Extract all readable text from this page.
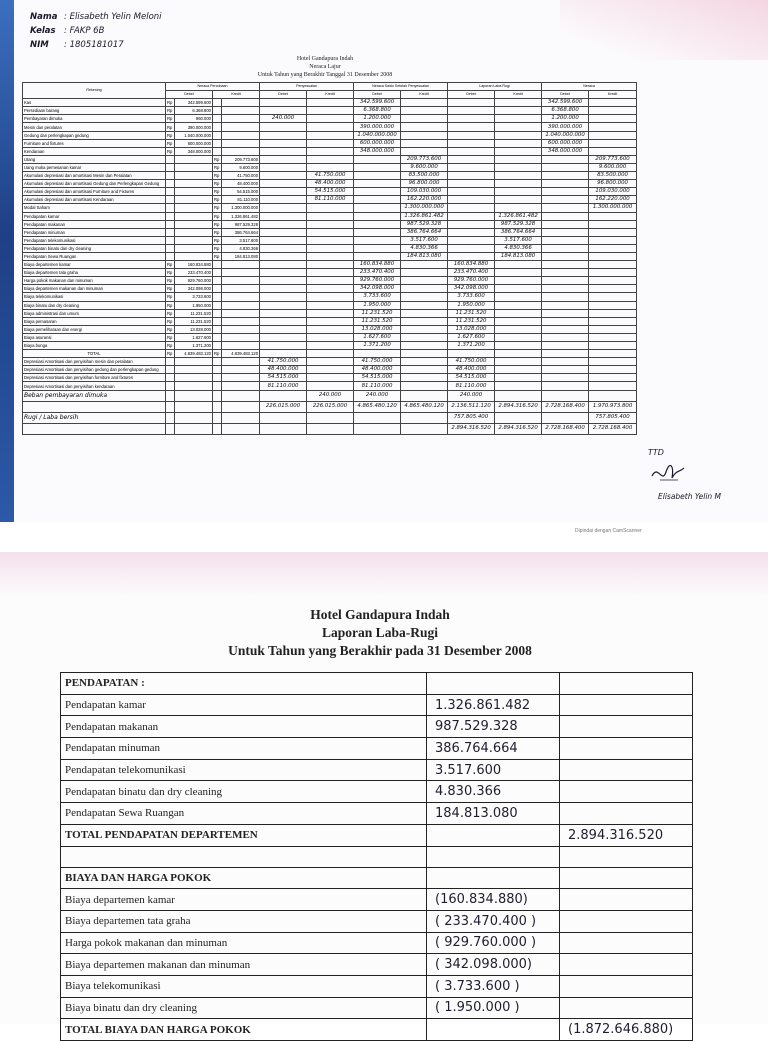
Nama : Elisabeth Yelin Meloni
Kelas : FAKP 6B
NIM : 1805181017
Hotel Gandapura Indah
Neraca Lajur
Untuk Tahun yang Berakhir Tanggal 31 Desember 2008
Rekening	Neraca Percobaan				Penyesuaian		Neraca Saldo Setelah Penyesuaian		Laporan Laba Rugi		Neraca	
	Debet		Kredit		Debet	Kredit	Debet	Kredit	Debet	Kredit	Debet	Kredit
Kas	Rp	342.599.600					342.599.600				342.599.600	
Persediaan barang	Rp	6.368.800					6.368.800				6.368.800	
Pembayaran dimuka	Rp	960.000			240.000		1.200.000				1.200.000	
Mesin dan peralatan	Rp	390.000.000					390.000.000				390.000.000	
Gedung dan perlengkapan gedung	Rp	1.040.000.000					1.040.000.000				1.040.000.000	
Furniture and fixtures	Rp	600.000.000					600.000.000				600.000.000	
Kendaraan	Rp	348.000.000					348.000.000				348.000.000	
Utang			Rp	209.773.600				209.773.600				209.773.600
Uang muka pemesanan kamar			Rp	9.600.000				9.600.000				9.600.000
Akumulasi depresiasi dan amortisasi Mesin dan Peralatan			Rp	41.750.000		41.750.000		83.500.000				83.500.000
Akumulasi depresiasi dan amortisasi Gedung dan Perlengkapan Gedung			Rp	48.400.000		48.400.000		96.800.000				96.800.000
Akumulasi depresiasi dan amortisasi Furniture and Fixtures			Rp	54.515.000		54.515.000		109.030.000				109.030.000
Akumulasi depresiasi dan amortisasi Kendaraan			Rp	81.110.000		81.110.000		162.220.000				162.220.000
Modal Saham			Rp	1.300.000.000				1.300.000.000				1.300.000.000
Pendapatan kamar			Rp	1.326.861.482				1.326.861.482		1.326.861.482		
Pendapatan makanan			Rp	987.529.328				987.529.328		987.529.328		
Pendapatan minuman			Rp	386.764.664				386.764.664		386.764.664		
Pendapatan telekomunikasi			Rp	3.517.600				3.517.600		3.517.600		
Pendapatan binatu dan dry cleaning			Rp	4.830.366				4.830.366		4.830.366		
Pendapatan Sewa Ruangan			Rp	184.813.080				184.813.080		184.813.080		
Biaya departemen kamar	Rp	160.834.880					160.834.880		160.834.880			
Biaya departemen tata graha	Rp	233.470.400					233.470.400		233.470.400			
Harga pokok makanan dan minuman	Rp	929.760.000					929.760.000		929.760.000			
Biaya departemen makanan dan minuman	Rp	342.098.000					342.098.000		342.098.000			
Biaya telekomunikasi	Rp	3.733.600					3.733.600		3.733.600			
Biaya binatu dan dry cleaning	Rp	1.950.000					1.950.000		1.950.000			
Biaya administrasi dan umum	Rp	11.231.520					11.231.520		11.231.520			
Biaya pemasaran	Rp	11.231.520					11.231.520		11.231.520			
Biaya pemeliharaan dan energi	Rp	13.028.000					13.028.000		13.028.000			
Biaya asuransi	Rp	1.627.600					1.627.600		1.627.600			
Biaya bunga	Rp	1.371.200					1.371.200		1.371.200			
TOTAL	Rp	4.839.483.120	Rp	4.839.483.120								
Depresiasi Amortisasi dan penyisihan mesin dan peralatan					41.750.000		41.750.000		41.750.000			
Depresiasi Amortisasi dan penyisihan gedung dan perlengkapan gedung					48.400.000		48.400.000		48.400.000			
Depresiasi Amortisasi dan penyisihan furniture and fixtures					54.515.000		54.515.000		54.515.000			
Depresiasi Amortisasi dan penyisihan kendaraan					81.110.000		81.110.000		81.110.000			
Beban pembayaran dimuka						240.000	240.000		240.000			
					226.015.000	226.015.000	4.865.480.120	4.865.480.120	2.136.511.120	2.894.316.520	2.728.168.400	1.970.973.800
Rugi / Laba bersih									757.805.400			757.805.400
									2.894.316.520	2.894.316.520	2.728.168.400	2.728.168.400
TTD
Elisabeth Yelin M
Dipindai dengan CamScanner
Hotel Gandapura Indah
Laporan Laba-Rugi
Untuk Tahun yang Berakhir pada 31 Desember 2008
PENDAPATAN :		
Pendapatan kamar	1.326.861.482	
Pendapatan makanan	987.529.328	
Pendapatan minuman	386.764.664	
Pendapatan telekomunikasi	3.517.600	
Pendapatan binatu dan dry cleaning	4.830.366	
Pendapatan Sewa Ruangan	184.813.080	
TOTAL PENDAPATAN DEPARTEMEN		2.894.316.520

BIAYA DAN HARGA POKOK		
Biaya departemen kamar	(160.834.880)	
Biaya departemen tata graha	( 233.470.400 )	
Harga pokok makanan dan minuman	( 929.760.000 )	
Biaya departemen makanan dan minuman	( 342.098.000)	
Biaya telekomunikasi	( 3.733.600 )	
Biaya binatu dan dry cleaning	( 1.950.000 )	
TOTAL BIAYA DAN HARGA POKOK		(1.872.646.880)
